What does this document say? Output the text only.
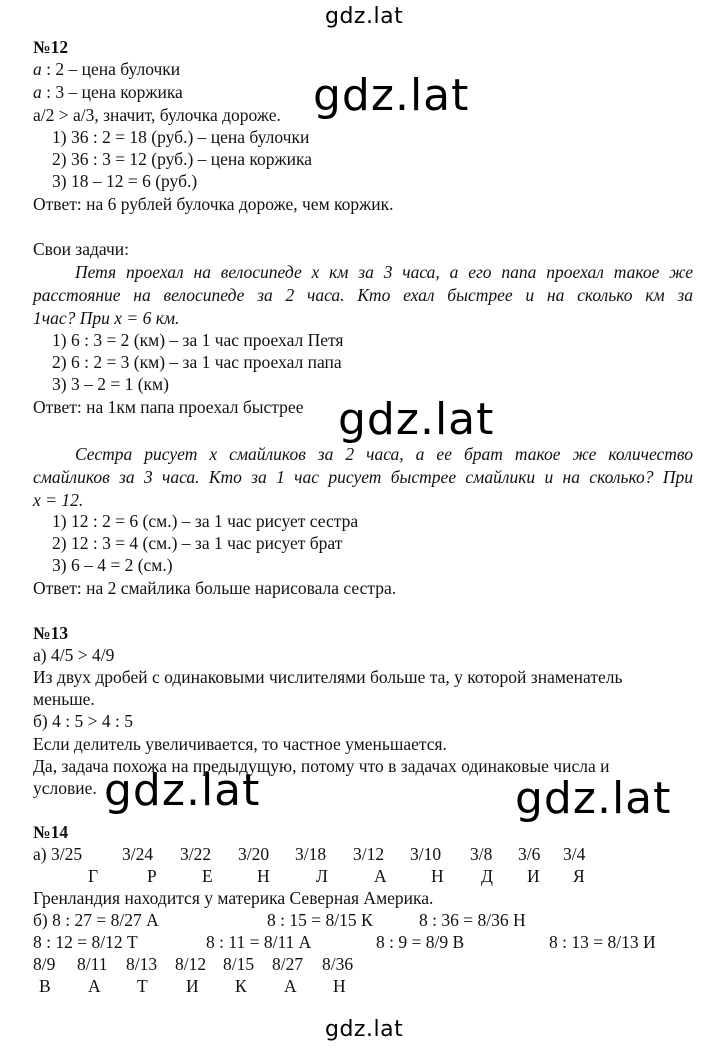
gdz.lat
gdz.lat
gdz.lat
gdz.lat	gdz.lat
gdz.lat
№12
a : 2 – цена булочки
a : 3 – цена коржика
a/2 > a/3, значит, булочка дороже.
1) 36 : 2 = 18 (руб.) – цена булочки
2) 36 : 3 = 12 (руб.) – цена коржика
3) 18 – 12 = 6 (руб.)
Ответ: на 6 рублей булочка дороже, чем коржик.
Свои задачи:
Петя проехал на велосипеде x км за 3 часа, а его папа проехал такое же
расстояние на велосипеде за 2 часа. Кто ехал быстрее и на сколько км за
1час? При x = 6 км.
1) 6 : 3 = 2 (км) – за 1 час проехал Петя
2) 6 : 2 = 3 (км) – за 1 час проехал папа
3) 3 – 2 = 1 (км)
Ответ: на 1км папа проехал быстрее
Сестра рисует x смайликов за 2 часа, а ее брат такое же количество
смайликов за 3 часа. Кто за 1 час рисует быстрее смайлики и на сколько? При
x = 12.
1) 12 : 2 = 6 (см.) – за 1 час рисует сестра
2) 12 : 3 = 4 (см.) – за 1 час рисует брат
3) 6 – 4 = 2 (см.)
Ответ: на 2 смайлика больше нарисовала сестра.
№13
а) 4/5 > 4/9
Из двух дробей с одинаковыми числителями больше та, у которой знаменатель
меньше.
б) 4 : 5 > 4 : 5
Если делитель увеличивается, то частное уменьшается.
Да, задача похожа на предыдущую, потому что в задачах одинаковые числа и
условие.
№14
а) 3/25 3/24 3/22 3/20 3/18 3/12 3/10 3/8 3/6 3/4
Г	Р	Е	Н	Л	А	Н Д И Я
Гренландия находится у материка Северная Америка.
б) 8 : 27 = 8/27 А	8 : 15 = 8/15 К	8 : 36 = 8/36 Н
8 : 12 = 8/12 Т	8 : 11 = 8/11 А	8 : 9 = 8/9 В	8 : 13 = 8/13 И
8/9 8/11 8/13 8/12 8/15 8/27 8/36
В А Т И К А Н
